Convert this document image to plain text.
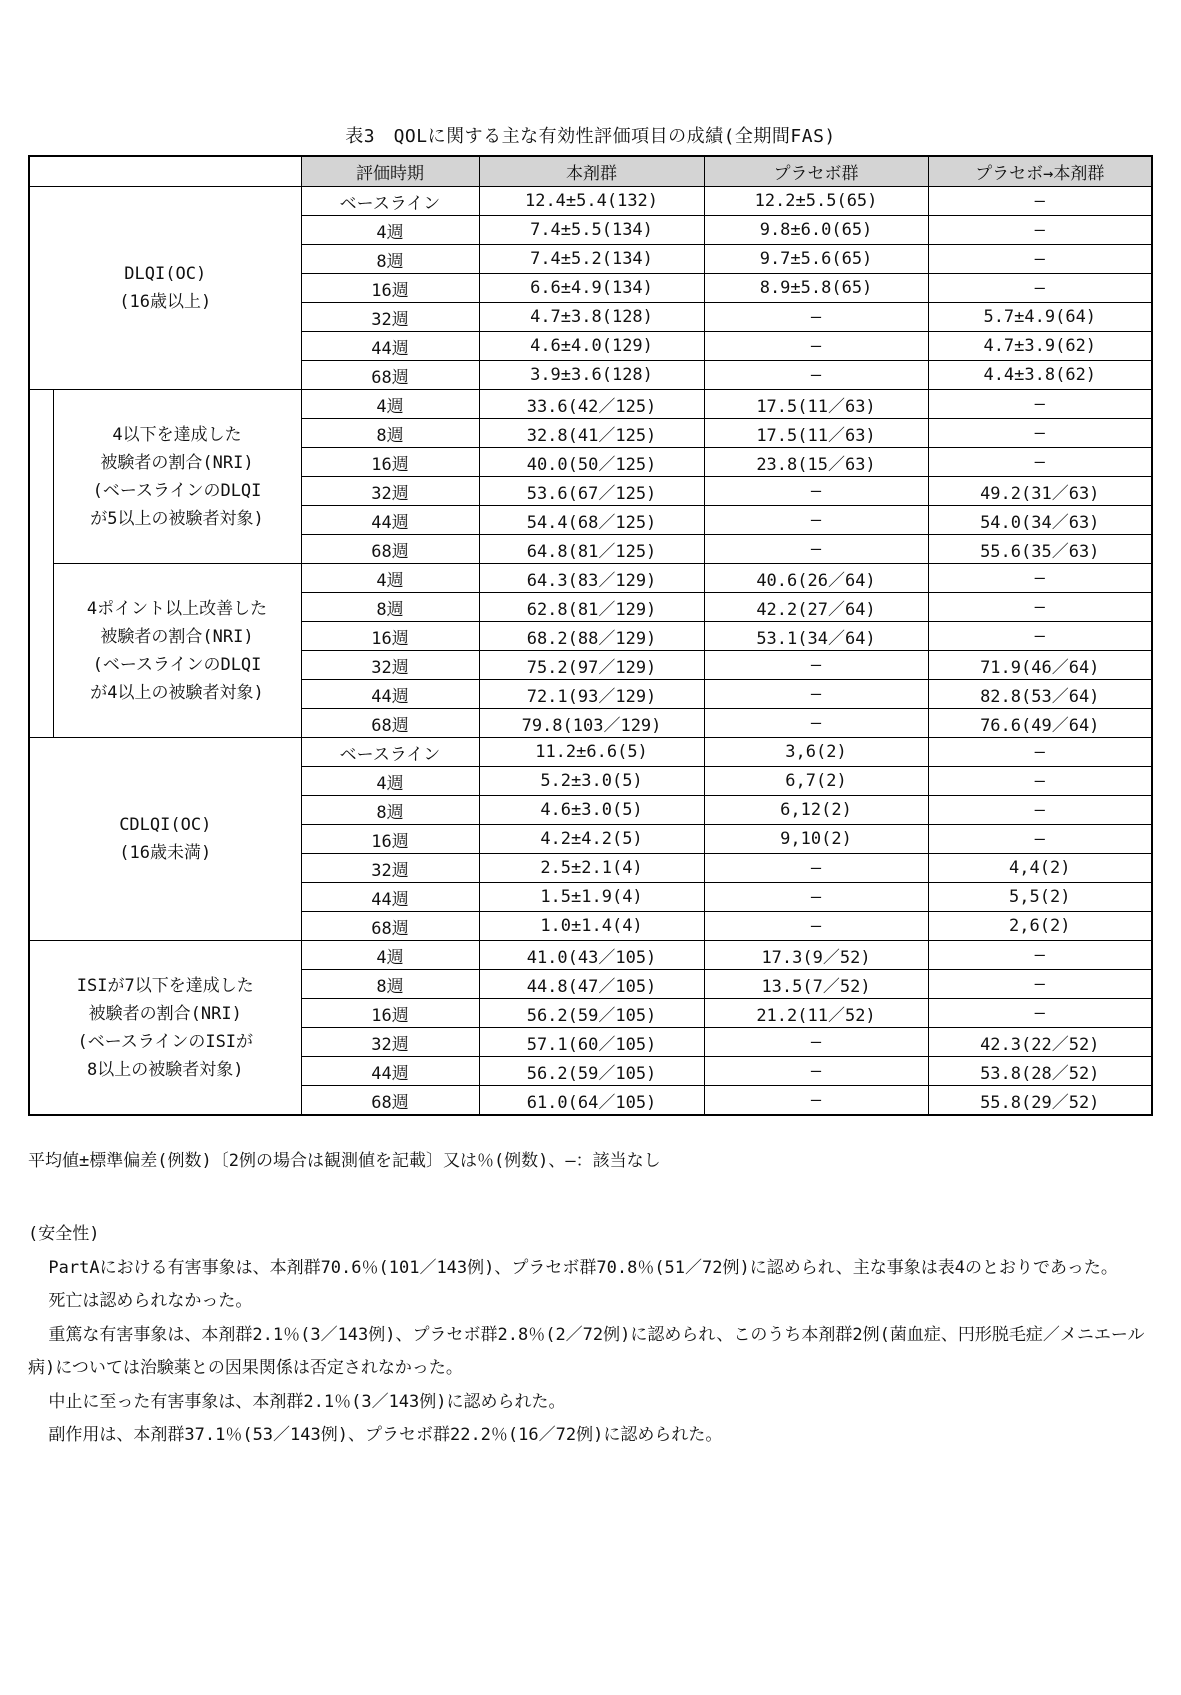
表3　QOLに関する主な有効性評価項目の成績(全期間FAS)
		評価時期	本剤群	プラセボ群	プラセボ→本剤群

DLQI(OC)
(16歳以上)		ベースライン	12.4±5.4(132)	12.2±5.5(65)	—
		4週	7.4±5.5(134)	9.8±6.0(65)	—
		8週	7.4±5.2(134)	9.7±5.6(65)	—
		16週	6.6±4.9(134)	8.9±5.8(65)	—
		32週	4.7±3.8(128)	—	5.7±4.9(64)
		44週	4.6±4.0(129)	—	4.7±3.9(62)
		68週	3.9±3.6(128)	—	4.4±3.8(62)

	4以下を達成した
被験者の割合(NRI)
(ベースラインのDLQI
が5以上の被験者対象)	4週	33.6(42／125)	17.5(11／63)	—
		8週	32.8(41／125)	17.5(11／63)	—
		16週	40.0(50／125)	23.8(15／63)	—
		32週	53.6(67／125)	—	49.2(31／63)
		44週	54.4(68／125)	—	54.0(34／63)
		68週	64.8(81／125)	—	55.6(35／63)

	4ポイント以上改善した
被験者の割合(NRI)
(ベースラインのDLQI
が4以上の被験者対象)	4週	64.3(83／129)	40.6(26／64)	—
		8週	62.8(81／129)	42.2(27／64)	—
		16週	68.2(88／129)	53.1(34／64)	—
		32週	75.2(97／129)	—	71.9(46／64)
		44週	72.1(93／129)	—	82.8(53／64)
		68週	79.8(103／129)	—	76.6(49／64)

CDLQI(OC)
(16歳未満)		ベースライン	11.2±6.6(5)	3,6(2)	—
		4週	5.2±3.0(5)	6,7(2)	—
		8週	4.6±3.0(5)	6,12(2)	—
		16週	4.2±4.2(5)	9,10(2)	—
		32週	2.5±2.1(4)	—	4,4(2)
		44週	1.5±1.9(4)	—	5,5(2)
		68週	1.0±1.4(4)	—	2,6(2)

ISIが7以下を達成した
被験者の割合(NRI)
(ベースラインのISIが
8以上の被験者対象)		4週	41.0(43／105)	17.3(9／52)	—
		8週	44.8(47／105)	13.5(7／52)	—
		16週	56.2(59／105)	21.2(11／52)	—
		32週	57.1(60／105)	—	42.3(22／52)
		44週	56.2(59／105)	—	53.8(28／52)
		68週	61.0(64／105)	—	55.8(29／52)
平均値±標準偏差(例数)〔2例の場合は観測値を記載〕又は％(例数)、—：該当なし

(安全性)

PartAにおける有害事象は、本剤群70.6％(101／143例)、プラセボ群70.8％(51／72例)に認められ、主な事象は表4のとおりであった。

死亡は認められなかった。

重篤な有害事象は、本剤群2.1％(3／143例)、プラセボ群2.8％(2／72例)に認められ、このうち本剤群2例(菌血症、円形脱毛症／メニエール病)については治験薬との因果関係は否定されなかった。

中止に至った有害事象は、本剤群2.1％(3／143例)に認められた。

副作用は、本剤群37.1％(53／143例)、プラセボ群22.2％(16／72例)に認められた。
